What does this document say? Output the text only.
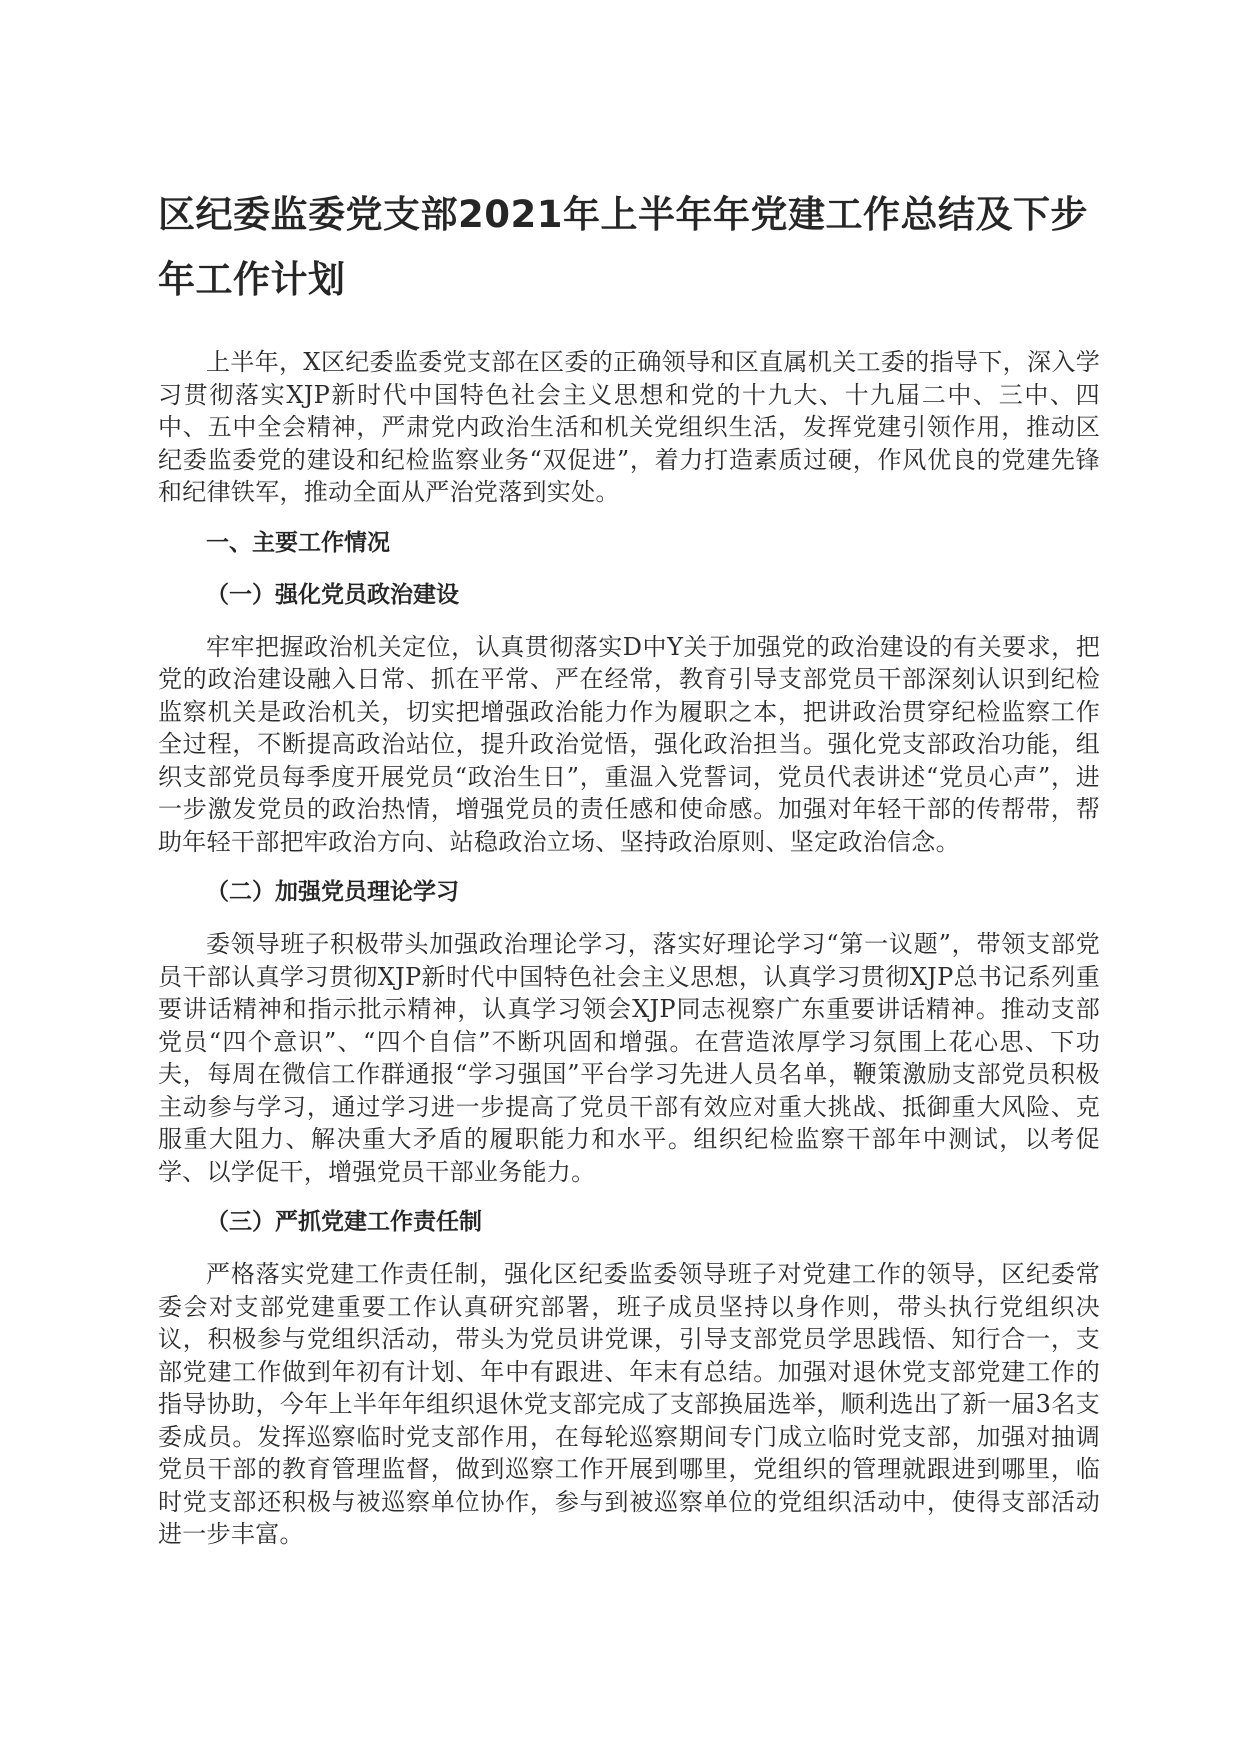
区纪委监委党支部2021年上半年年党建工作总结及下步年工作计划

上半年，X区纪委监委党支部在区委的正确领导和区直属机关工委的指导下，深入学习贯彻落实XJP新时代中国特色社会主义思想和党的十九大、十九届二中、三中、四中、五中全会精神，严肃党内政治生活和机关党组织生活，发挥党建引领作用，推动区纪委监委党的建设和纪检监察业务“双促进”，着力打造素质过硬，作风优良的党建先锋和纪律铁军，推动全面从严治党落到实处。

一、主要工作情况
（一）强化党员政治建设

牢牢把握政治机关定位，认真贯彻落实D中Y关于加强党的政治建设的有关要求，把党的政治建设融入日常、抓在平常、严在经常，教育引导支部党员干部深刻认识到纪检监察机关是政治机关，切实把增强政治能力作为履职之本，把讲政治贯穿纪检监察工作全过程，不断提高政治站位，提升政治觉悟，强化政治担当。强化党支部政治功能，组织支部党员每季度开展党员“政治生日”，重温入党誓词，党员代表讲述“党员心声”，进一步激发党员的政治热情，增强党员的责任感和使命感。加强对年轻干部的传帮带，帮助年轻干部把牢政治方向、站稳政治立场、坚持政治原则、坚定政治信念。

（二）加强党员理论学习

委领导班子积极带头加强政治理论学习，落实好理论学习“第一议题”，带领支部党员干部认真学习贯彻XJP新时代中国特色社会主义思想，认真学习贯彻XJP总书记系列重要讲话精神和指示批示精神，认真学习领会XJP同志视察广东重要讲话精神。推动支部党员“四个意识”、“四个自信”不断巩固和增强。在营造浓厚学习氛围上花心思、下功夫，每周在微信工作群通报“学习强国”平台学习先进人员名单，鞭策激励支部党员积极主动参与学习，通过学习进一步提高了党员干部有效应对重大挑战、抵御重大风险、克服重大阻力、解决重大矛盾的履职能力和水平。组织纪检监察干部年中测试，以考促学、以学促干，增强党员干部业务能力。

（三）严抓党建工作责任制

严格落实党建工作责任制，强化区纪委监委领导班子对党建工作的领导，区纪委常委会对支部党建重要工作认真研究部署，班子成员坚持以身作则，带头执行党组织决议，积极参与党组织活动，带头为党员讲党课，引导支部党员学思践悟、知行合一，支部党建工作做到年初有计划、年中有跟进、年末有总结。加强对退休党支部党建工作的指导协助，今年上半年年组织退休党支部完成了支部换届选举，顺利选出了新一届3名支委成员。发挥巡察临时党支部作用，在每轮巡察期间专门成立临时党支部，加强对抽调党员干部的教育管理监督，做到巡察工作开展到哪里，党组织的管理就跟进到哪里，临时党支部还积极与被巡察单位协作，参与到被巡察单位的党组织活动中，使得支部活动进一步丰富。
